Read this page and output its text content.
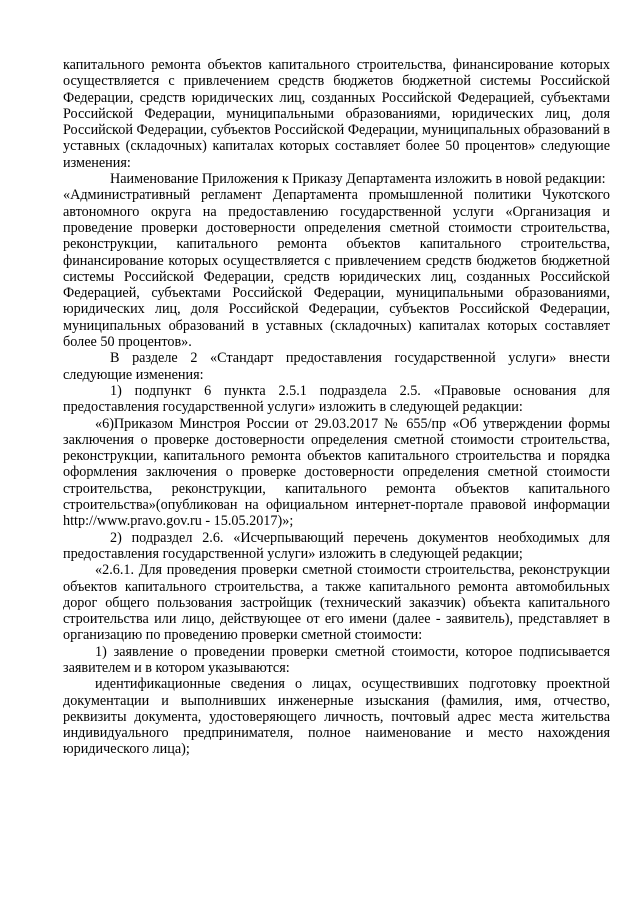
капитального ремонта объектов капитального строительства, финансирование которых осуществляется с привлечением средств бюджетов бюджетной системы Российской Федерации, средств юридических лиц, созданных Российской Федерацией, субъектами Российской Федерации, муниципальными образованиями, юридических лиц, доля Российской Федерации, субъектов Российской Федерации, муниципальных образований в уставных (складочных) капиталах которых составляет более 50 процентов» следующие изменения:

Наименование Приложения к Приказу Департамента изложить в новой редакции:

«Административный регламент Департамента промышленной политики Чукотского автономного округа на предоставлению государственной услуги «Организация и проведение проверки достоверности определения сметной стоимости строительства, реконструкции, капитального ремонта объектов капитального строительства, финансирование которых осуществляется с привлечением средств бюджетов бюджетной системы Российской Федерации, средств юридических лиц, созданных Российской Федерацией, субъектами Российской Федерации, муниципальными образованиями, юридических лиц, доля Российской Федерации, субъектов Российской Федерации, муниципальных образований в уставных (складочных) капиталах которых составляет более 50 процентов».

В разделе 2 «Стандарт предоставления государственной услуги» внести следующие изменения:

1) подпункт 6 пункта 2.5.1 подраздела 2.5. «Правовые основания для предоставления государственной услуги» изложить в следующей редакции:

«6)Приказом Минстроя России от 29.03.2017 № 655/пр «Об утверждении формы заключения о проверке достоверности определения сметной стоимости строительства, реконструкции, капитального ремонта объектов капитального строительства и порядка оформления заключения о проверке достоверности определения сметной стоимости строительства, реконструкции, капитального ремонта объектов капитального строительства»(опубликован на официальном интернет-портале правовой информации http://www.pravo.gov.ru - 15.05.2017)»;

2) подраздел 2.6. «Исчерпывающий перечень документов необходимых для предоставления государственной услуги» изложить в следующей редакции;

«2.6.1. Для проведения проверки сметной стоимости строительства, реконструкции объектов капитального строительства, а также капитального ремонта автомобильных дорог общего пользования застройщик (технический заказчик) объекта капитального строительства или лицо, действующее от его имени (далее - заявитель), представляет в организацию по проведению проверки сметной стоимости:

1) заявление о проведении проверки сметной стоимости, которое подписывается заявителем и в котором указываются:

идентификационные сведения о лицах, осуществивших подготовку проектной документации и выполнивших инженерные изыскания (фамилия, имя, отчество, реквизиты документа, удостоверяющего личность, почтовый адрес места жительства индивидуального предпринимателя, полное наименование и место нахождения юридического лица);
